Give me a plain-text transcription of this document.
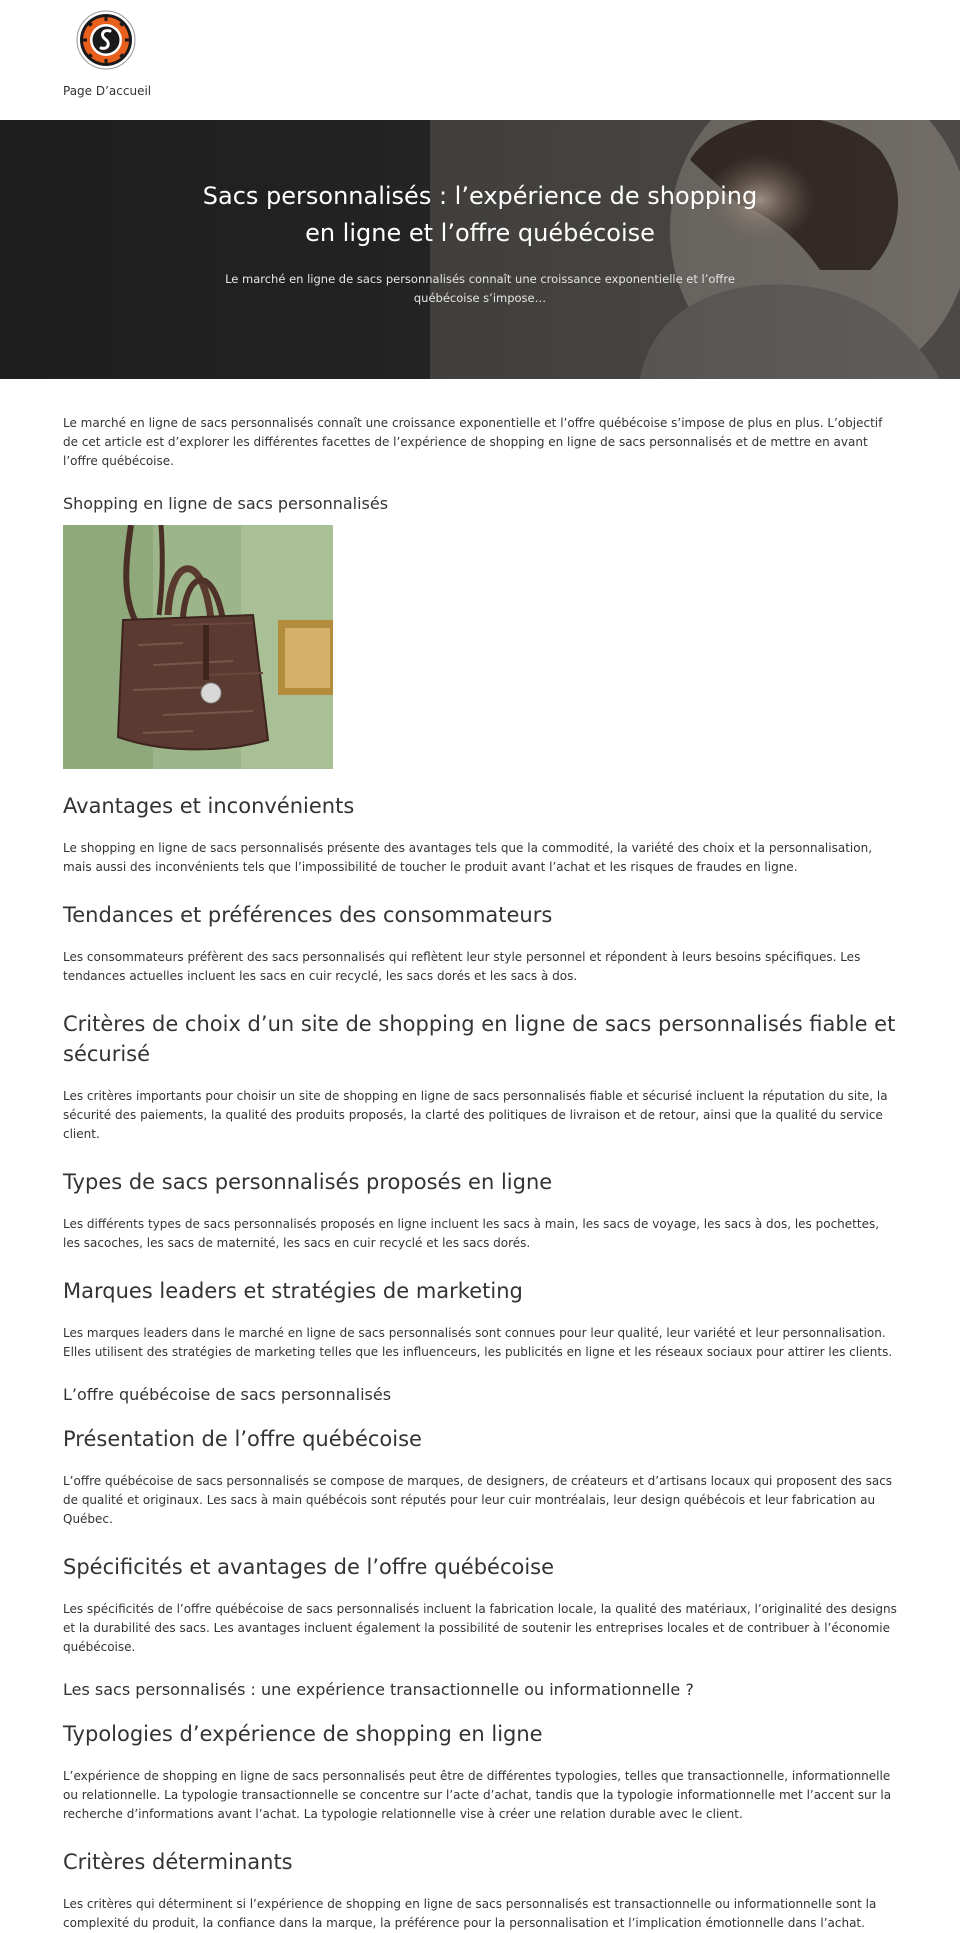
Page D’accueil
Sacs personnalisés : l’expérience de shopping en ligne et l’offre québécoise

Le marché en ligne de sacs personnalisés connaît une croissance exponentielle et l’offre québécoise s’impose…

Le marché en ligne de sacs personnalisés connaît une croissance exponentielle et l’offre québécoise s’impose de plus en plus. L’objectif de cet article est d’explorer les différentes facettes de l’expérience de shopping en ligne de sacs personnalisés et de mettre en avant l’offre québécoise.

Shopping en ligne de sacs personnalisés
Avantages et inconvénients

Le shopping en ligne de sacs personnalisés présente des avantages tels que la commodité, la variété des choix et la personnalisation, mais aussi des inconvénients tels que l’impossibilité de toucher le produit avant l’achat et les risques de fraudes en ligne.

Tendances et préférences des consommateurs

Les consommateurs préfèrent des sacs personnalisés qui reflètent leur style personnel et répondent à leurs besoins spécifiques. Les tendances actuelles incluent les sacs en cuir recyclé, les sacs dorés et les sacs à dos.

Critères de choix d’un site de shopping en ligne de sacs personnalisés fiable et sécurisé

Les critères importants pour choisir un site de shopping en ligne de sacs personnalisés fiable et sécurisé incluent la réputation du site, la sécurité des paiements, la qualité des produits proposés, la clarté des politiques de livraison et de retour, ainsi que la qualité du service client.

Types de sacs personnalisés proposés en ligne

Les différents types de sacs personnalisés proposés en ligne incluent les sacs à main, les sacs de voyage, les sacs à dos, les pochettes, les sacoches, les sacs de maternité, les sacs en cuir recyclé et les sacs dorés.

Marques leaders et stratégies de marketing

Les marques leaders dans le marché en ligne de sacs personnalisés sont connues pour leur qualité, leur variété et leur personnalisation. Elles utilisent des stratégies de marketing telles que les influenceurs, les publicités en ligne et les réseaux sociaux pour attirer les clients.

L’offre québécoise de sacs personnalisés
Présentation de l’offre québécoise

L’offre québécoise de sacs personnalisés se compose de marques, de designers, de créateurs et d’artisans locaux qui proposent des sacs de qualité et originaux. Les sacs à main québécois sont réputés pour leur cuir montréalais, leur design québécois et leur fabrication au Québec.

Spécificités et avantages de l’offre québécoise

Les spécificités de l’offre québécoise de sacs personnalisés incluent la fabrication locale, la qualité des matériaux, l’originalité des designs et la durabilité des sacs. Les avantages incluent également la possibilité de soutenir les entreprises locales et de contribuer à l’économie québécoise.

Les sacs personnalisés : une expérience transactionnelle ou informationnelle ?
Typologies d’expérience de shopping en ligne

L’expérience de shopping en ligne de sacs personnalisés peut être de différentes typologies, telles que transactionnelle, informationnelle ou relationnelle. La typologie transactionnelle se concentre sur l’acte d’achat, tandis que la typologie informationnelle met l’accent sur la recherche d’informations avant l’achat. La typologie relationnelle vise à créer une relation durable avec le client.

Critères déterminants

Les critères qui déterminent si l’expérience de shopping en ligne de sacs personnalisés est transactionnelle ou informationnelle sont la complexité du produit, la confiance dans la marque, la préférence pour la personnalisation et l’implication émotionnelle dans l’achat.
